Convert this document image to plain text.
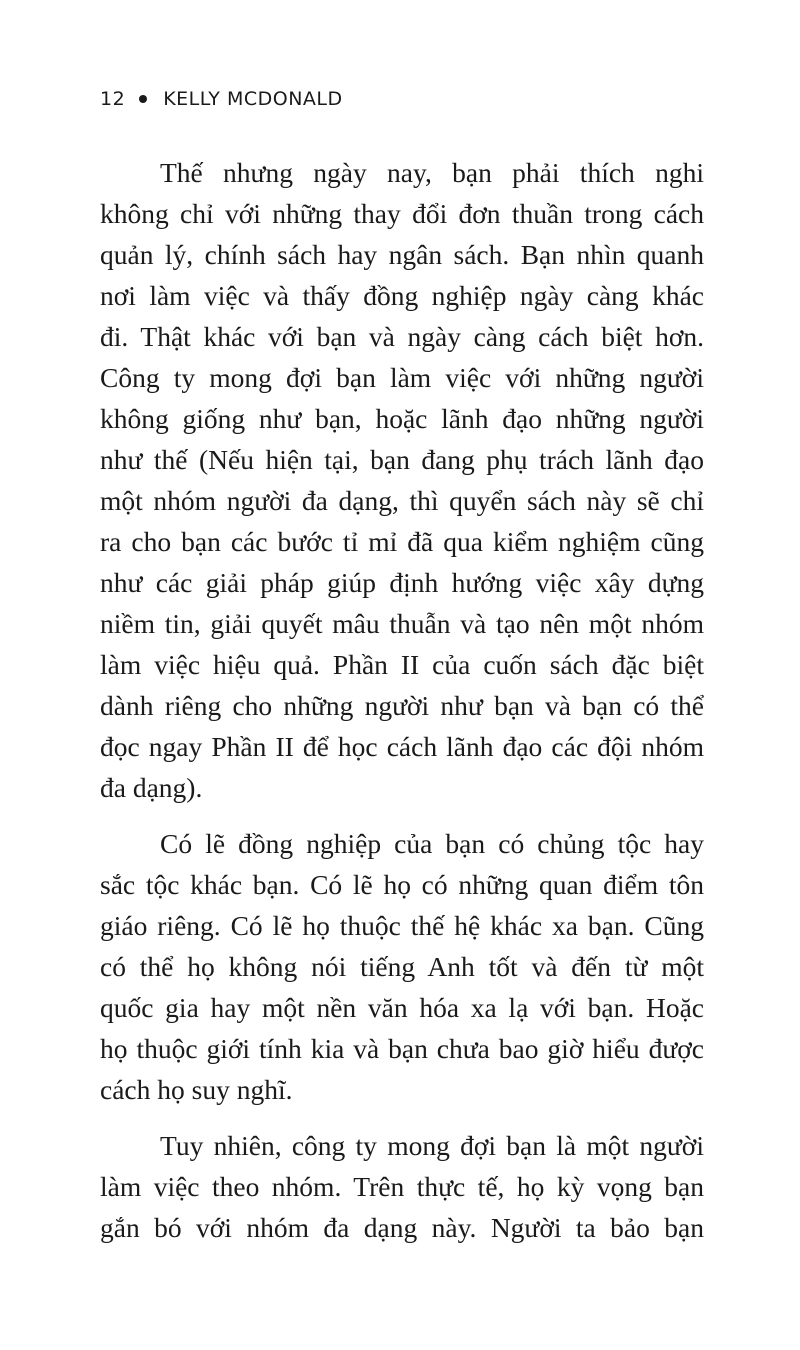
12 KELLY MCDONALD
Thế nhưng ngày nay, bạn phải thích nghi
không chỉ với những thay đổi đơn thuần trong cách
quản lý, chính sách hay ngân sách. Bạn nhìn quanh
nơi làm việc và thấy đồng nghiệp ngày càng khác
đi. Thật khác với bạn và ngày càng cách biệt hơn.
Công ty mong đợi bạn làm việc với những người
không giống như bạn, hoặc lãnh đạo những người
như thế (Nếu hiện tại, bạn đang phụ trách lãnh đạo
một nhóm người đa dạng, thì quyển sách này sẽ chỉ
ra cho bạn các bước tỉ mỉ đã qua kiểm nghiệm cũng
như các giải pháp giúp định hướng việc xây dựng
niềm tin, giải quyết mâu thuẫn và tạo nên một nhóm
làm việc hiệu quả. Phần II của cuốn sách đặc biệt
dành riêng cho những người như bạn và bạn có thể
đọc ngay Phần II để học cách lãnh đạo các đội nhóm
đa dạng).
Có lẽ đồng nghiệp của bạn có chủng tộc hay
sắc tộc khác bạn. Có lẽ họ có những quan điểm tôn
giáo riêng. Có lẽ họ thuộc thế hệ khác xa bạn. Cũng
có thể họ không nói tiếng Anh tốt và đến từ một
quốc gia hay một nền văn hóa xa lạ với bạn. Hoặc
họ thuộc giới tính kia và bạn chưa bao giờ hiểu được
cách họ suy nghĩ.
Tuy nhiên, công ty mong đợi bạn là một người
làm việc theo nhóm. Trên thực tế, họ kỳ vọng bạn
gắn bó với nhóm đa dạng này. Người ta bảo bạn
